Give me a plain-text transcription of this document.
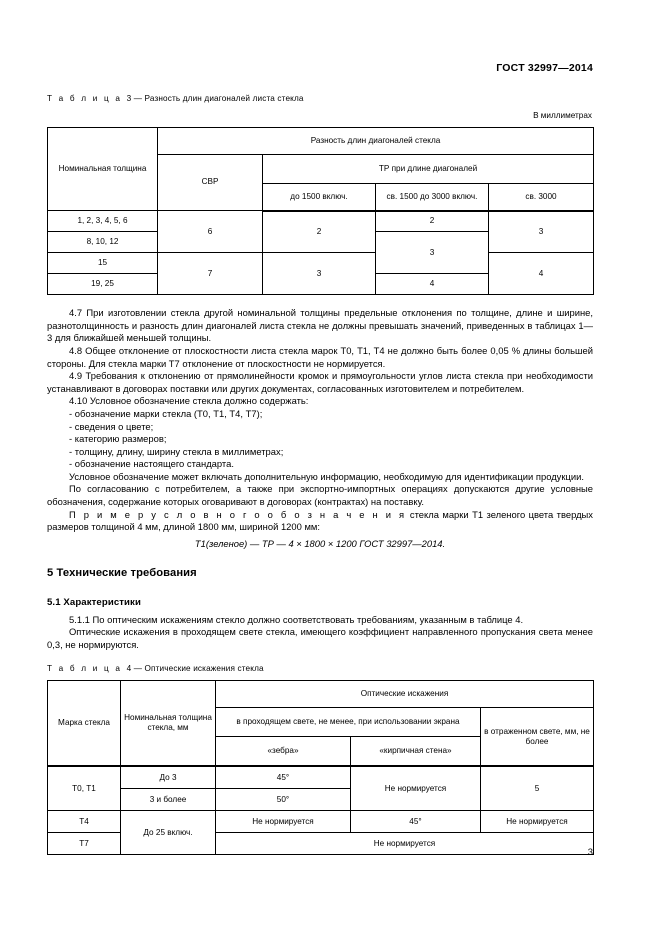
ГОСТ 32997—2014

Т а б л и ц а 3 — Разность длин диагоналей листа стекла

В миллиметрах

Номинальная толщина	Разность длин диагоналей стекла			
	СВР	ТР при длине диагоналей		
		до 1500 включ.	св. 1500 до 3000 включ.	св. 3000
1, 2, 3, 4, 5, 6	6	2	2	3
8, 10, 12			3	
15	7	3		4
19, 25			4	

4.7 При изготовлении стекла другой номинальной толщины предельные отклонения по толщине, длине и ширине, разнотолщинность и разность длин диагоналей листа стекла не должны превышать значений, приведенных в таблицах 1—3 для ближайшей меньшей толщины.

4.8 Общее отклонение от плоскостности листа стекла марок Т0, Т1, Т4 не должно быть более 0,05 % длины большей стороны. Для стекла марки Т7 отклонение от плоскостности не нормируется.

4.9 Требования к отклонению от прямолинейности кромок и прямоугольности углов листа стекла при необходимости устанавливают в договорах поставки или других документах, согласованных изготовителем и потребителем.

4.10 Условное обозначение стекла должно содержать:

- обозначение марки стекла (Т0, Т1, Т4, Т7);

- сведения о цвете;

- категорию размеров;

- толщину, длину, ширину стекла в миллиметрах;

- обозначение настоящего стандарта.

Условное обозначение может включать дополнительную информацию, необходимую для идентификации продукции.

По согласованию с потребителем, а также при экспортно-импортных операциях допускаются другие условные обозначения, содержание которых оговаривают в договорах (контрактах) на поставку.

П р и м е р у с л о в н о г о о б о з н а ч е н и я стекла марки Т1 зеленого цвета твердых размеров толщиной 4 мм, длиной 1800 мм, шириной 1200 мм:

Т1(зеленое) — ТР — 4 × 1800 × 1200 ГОСТ 32997—2014.

5 Технические требования
5.1 Характеристики

5.1.1 По оптическим искажениям стекло должно соответствовать требованиям, указанным в таблице 4.

Оптические искажения в проходящем свете стекла, имеющего коэффициент направленного пропускания света менее 0,3, не нормируются.

Т а б л и ц а 4 — Оптические искажения стекла

Марка стекла	Номинальная толщина стекла, мм	Оптические искажения		
		в проходящем свете, не менее, при использовании экрана		в отраженном свете, мм, не более
		«зебра»	«кирпичная стена»	
Т0, Т1	До 3	45°	Не нормируется	5
	3 и более	50°		
Т4	До 25 включ.	Не нормируется	45°	Не нормируется
Т7		Не нормируется		
3
